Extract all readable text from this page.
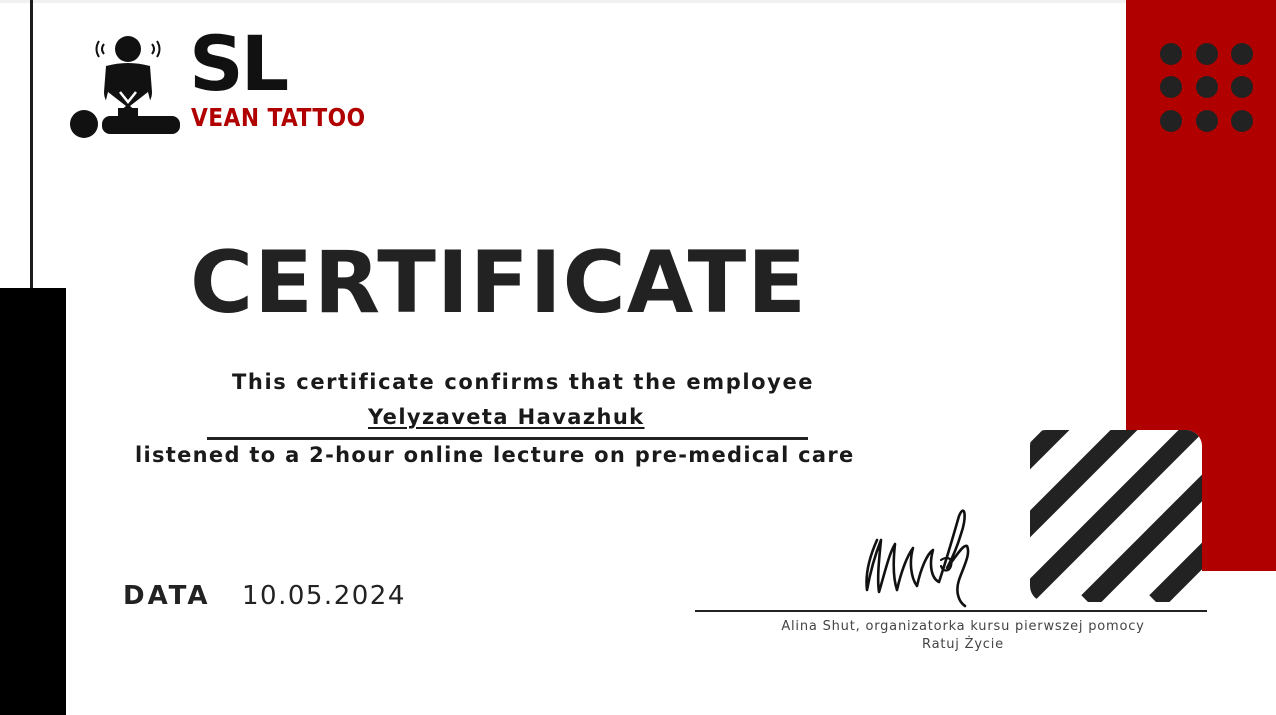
SL
VEAN TATTOO
CERTIFICATE
This certificate confirms that the employee
Yelyzaveta Havazhuk
listened to a 2-hour online lecture on pre-medical care
DATA 10.05.2024
Alina Shut, organizatorka kursu pierwszej pomocy
Ratuj Życie
